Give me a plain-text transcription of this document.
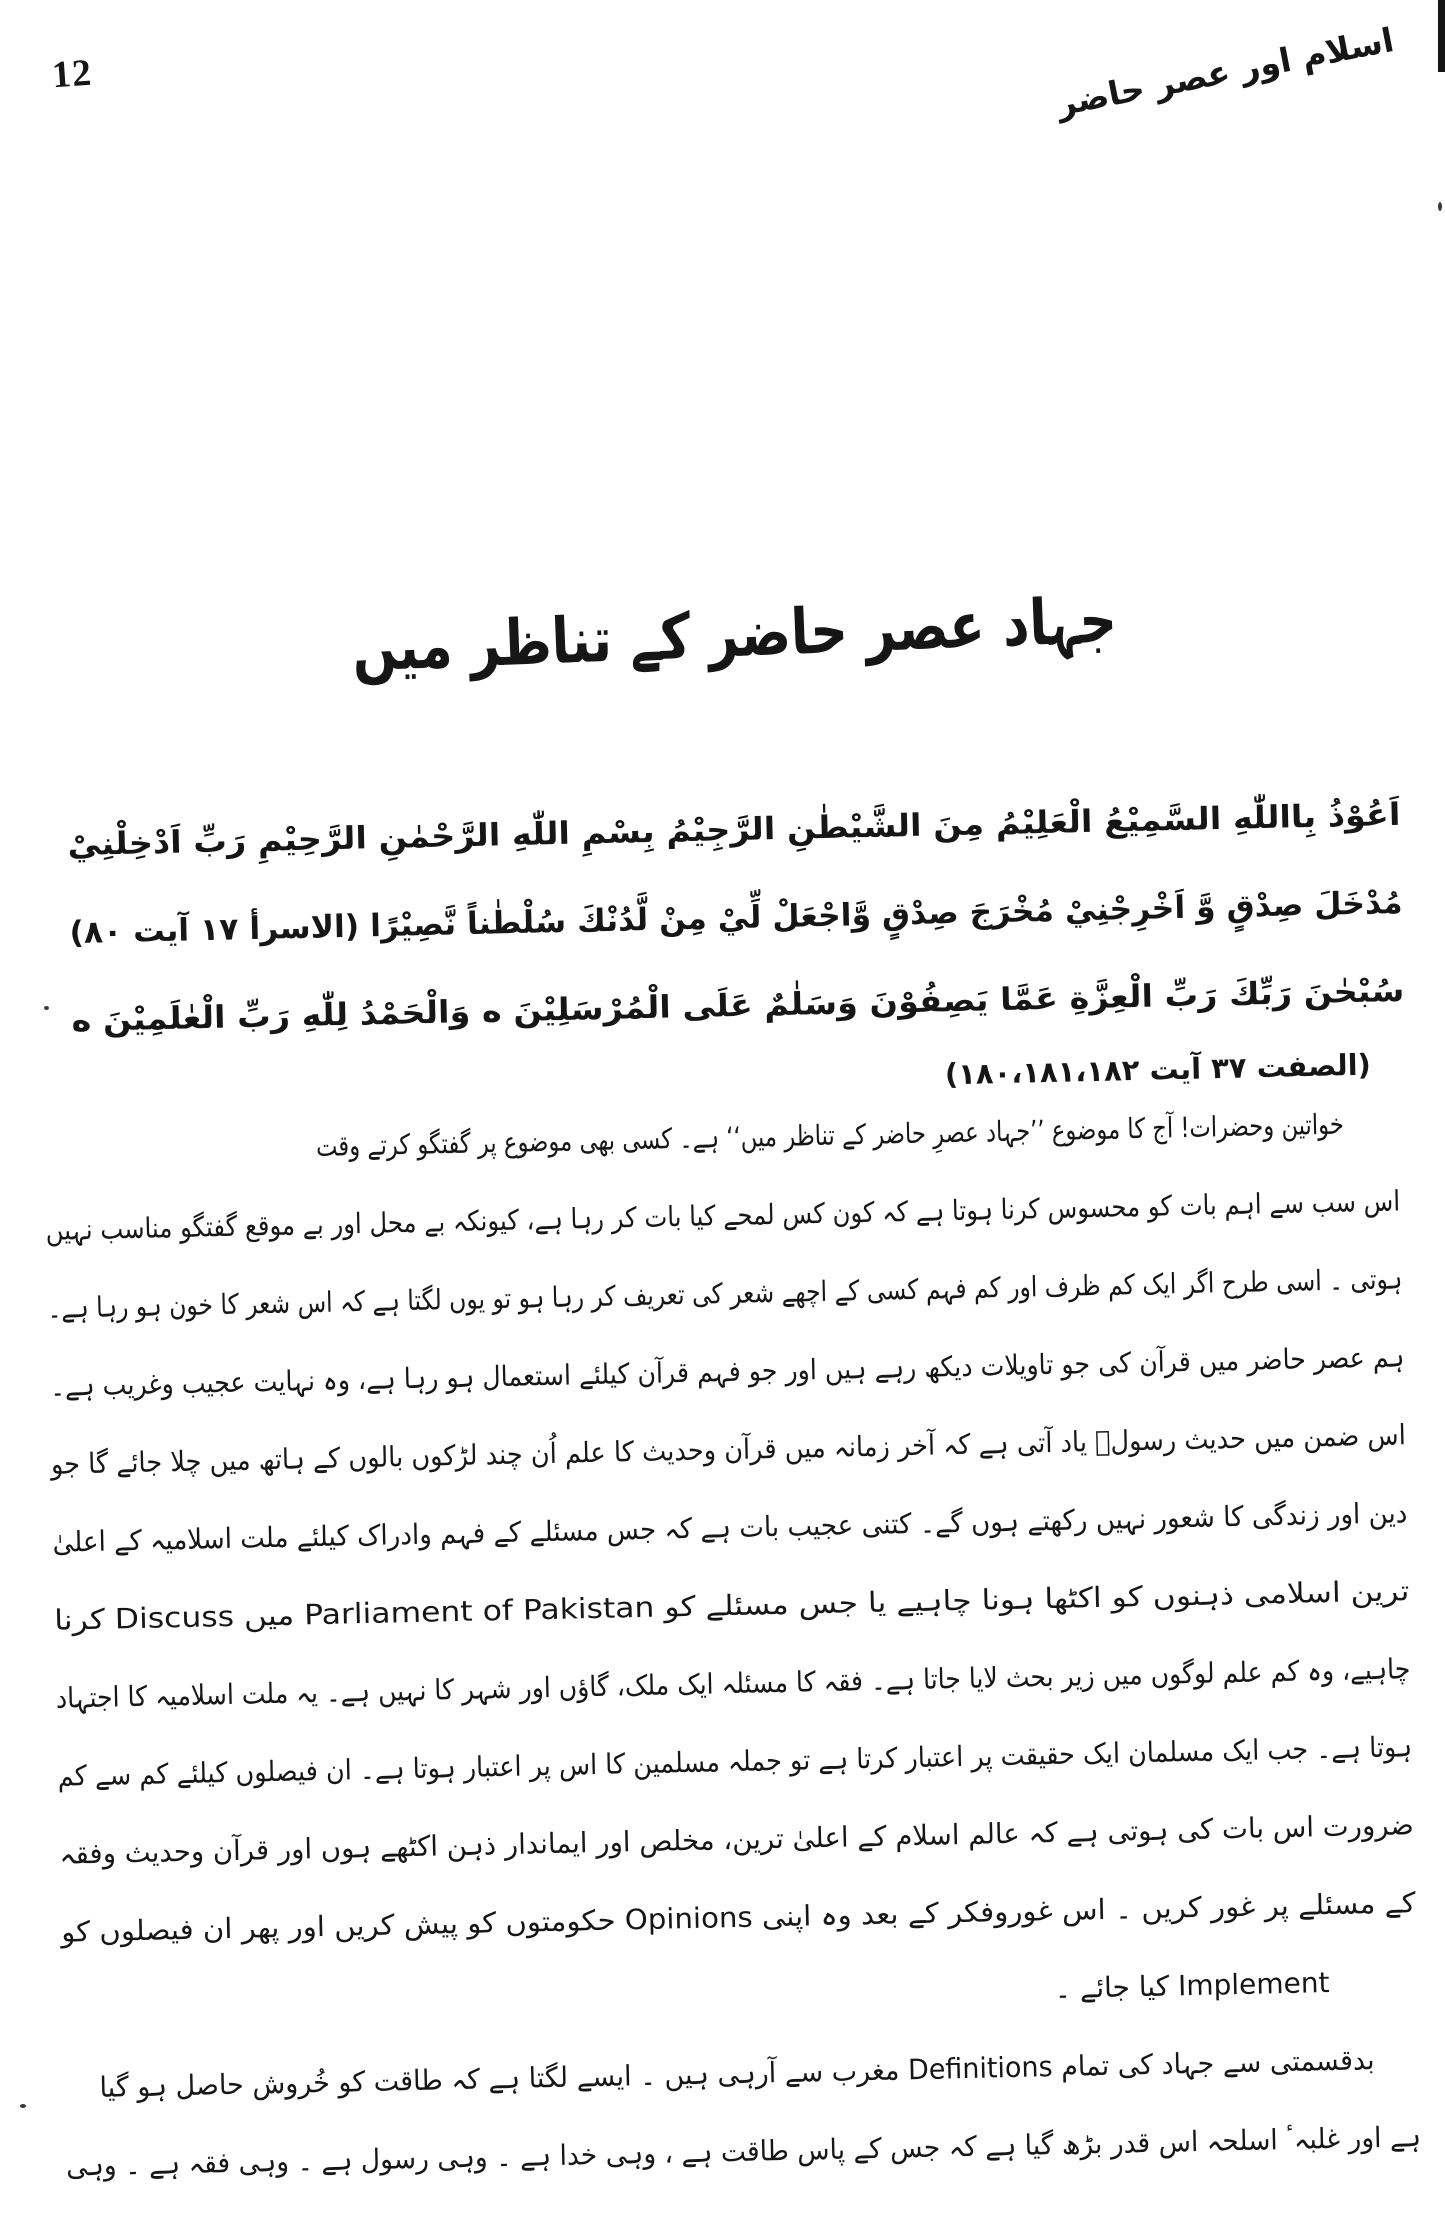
12	اسلام اور عصر حاضر
جہاد عصر حاضر کے تناظر میں
اَعُوْذُ بِااللّٰهِ السَّمِيْعُ الْعَلِيْمُ مِنَ الشَّيْطٰنِ الرَّجِيْمُ بِسْمِ اللّٰهِ الرَّحْمٰنِ الرَّحِيْمِ رَبِّ اَدْخِلْنِيْ
مُدْخَلَ صِدْقٍ وَّ اَخْرِجْنِيْ مُخْرَجَ صِدْقٍ وَّاجْعَلْ لِّيْ مِنْ لَّدُنْكَ سُلْطٰناً نَّصِيْرًا (الاسرأ ۱۷ آیت ۸۰)
سُبْحٰنَ رَبِّكَ رَبِّ الْعِزَّةِ عَمَّا يَصِفُوْنَ وَسَلٰمٌ عَلَى الْمُرْسَلِيْنَ ه وَالْحَمْدُ لِلّٰهِ رَبِّ الْعٰلَمِيْنَ ه
(الصفت ۳۷ آیت ۱۸۰،۱۸۱،۱۸۲)
خواتین وحضرات! آج کا موضوع ’’جہاد عصرِ حاضر کے تناظر میں‘‘ ہے۔ کسی بھی موضوع پر گفتگو کرتے وقت
اس سب سے اہم بات کو محسوس کرنا ہوتا ہے کہ کون کس لمحے کیا بات کر رہا ہے، کیونکہ بے محل اور بے موقع گفتگو مناسب نہیں
ہوتی ۔ اسی طرح اگر ایک کم ظرف اور کم فہم کسی کے اچھے شعر کی تعریف کر رہا ہو تو یوں لگتا ہے کہ اس شعر کا خون ہو رہا ہے۔
ہم عصر حاضر میں قرآن کی جو تاویلات دیکھ رہے ہیں اور جو فہم قرآن کیلئے استعمال ہو رہا ہے، وہ نہایت عجیب وغریب ہے۔
اس ضمن میں حدیث رسولؐ یاد آتی ہے کہ آخر زمانہ میں قرآن وحدیث کا علم اُن چند لڑکوں بالوں کے ہاتھ میں چلا جائے گا جو
دین اور زندگی کا شعور نہیں رکھتے ہوں گے۔ کتنی عجیب بات ہے کہ جس مسئلے کے فہم وادراک کیلئے ملت اسلامیہ کے اعلیٰ
ترین اسلامی ذہنوں کو اکٹھا ہونا چاہیے یا جس مسئلے کو Parliament of Pakistan میں Discuss کرنا
چاہیے، وہ کم علم لوگوں میں زیر بحث لایا جاتا ہے۔ فقہ کا مسئلہ ایک ملک، گاؤں اور شہر کا نہیں ہے۔ یہ ملت اسلامیہ کا اجتہاد
ہوتا ہے۔ جب ایک مسلمان ایک حقیقت پر اعتبار کرتا ہے تو جملہ مسلمین کا اس پر اعتبار ہوتا ہے۔ ان فیصلوں کیلئے کم سے کم
ضرورت اس بات کی ہوتی ہے کہ عالم اسلام کے اعلیٰ ترین، مخلص اور ایماندار ذہن اکٹھے ہوں اور قرآن وحدیث وفقہ
کے مسئلے پر غور کریں ۔ اس غوروفکر کے بعد وہ اپنی Opinions حکومتوں کو پیش کریں اور پھر ان فیصلوں کو
Implement کیا جائے ۔
بدقسمتی سے جہاد کی تمام Definitions مغرب سے آرہی ہیں ۔ ایسے لگتا ہے کہ طاقت کو خُروش حاصل ہو گیا
ہے اور غلبہٴ اسلحہ اس قدر بڑھ گیا ہے کہ جس کے پاس طاقت ہے ، وہی خدا ہے ۔ وہی رسول ہے ۔ وہی فقہ ہے ۔ وہی
